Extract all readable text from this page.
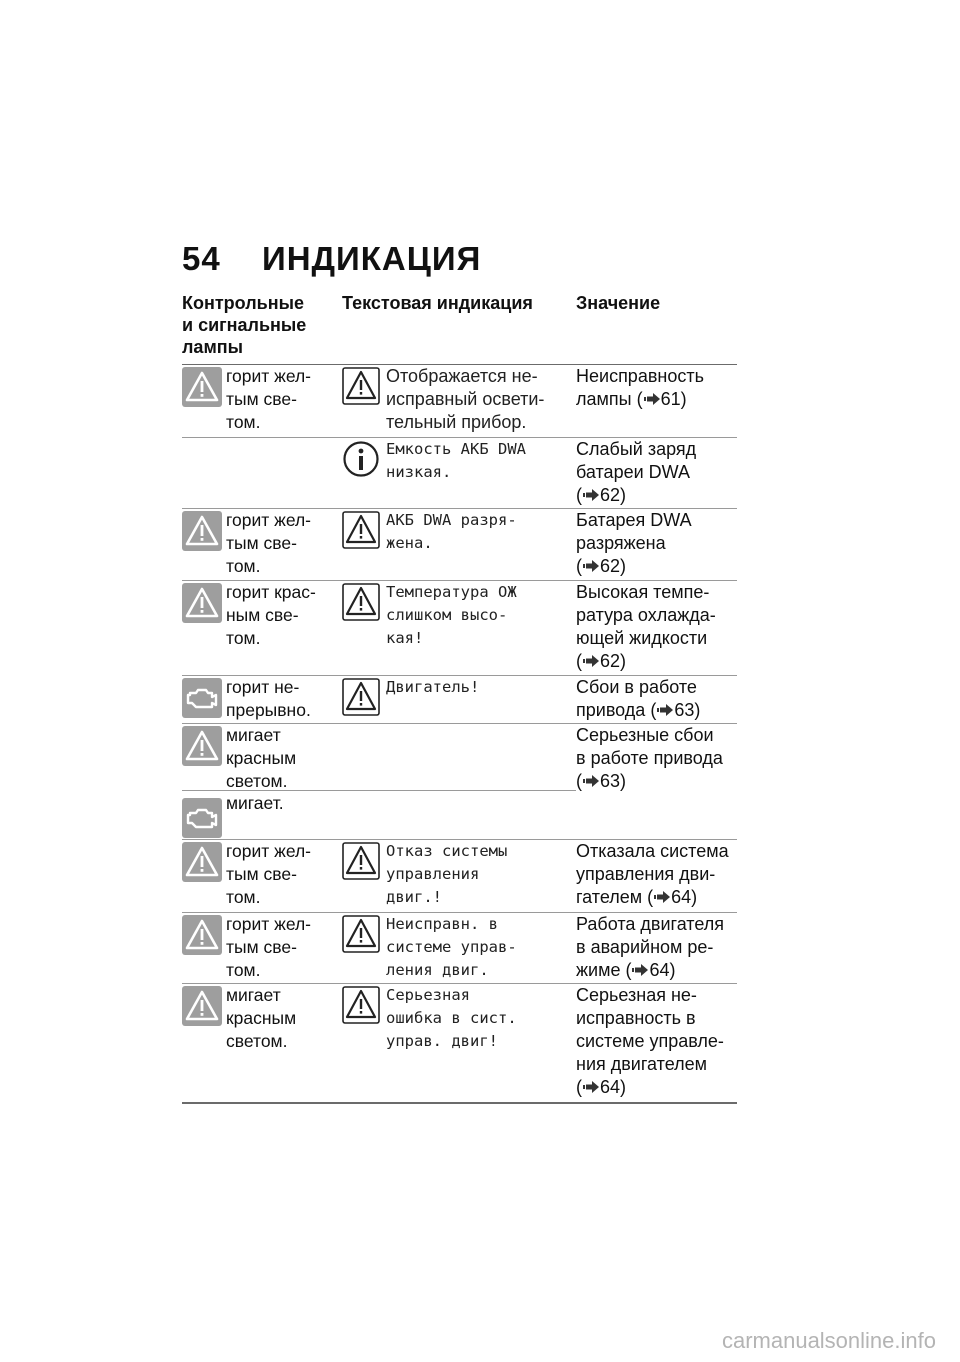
54 ИНДИКАЦИЯ
Контрольные
и сигнальные
лампы
Текстовая индикация Значение
горит жел-
тым све-
том.
Отображается не-
исправный освети-
тельный прибор.
Неисправность
лампы ( 61)
Емкость АКБ DWA
низкая.
Слабый заряд
батареи DWA
( 62)
горит жел-
тым све-
том.
АКБ DWA разря-
жена.
Батарея DWA
разряжена
( 62)
горит крас-
ным све-
том.
Температура ОЖ
слишком высо-
кая!
Высокая темпе-
ратура охлажда-
ющей жидкости
( 62)
горит не-
прерывно.
Двигатель!	Сбои в работе
привода ( 63)
мигает
красным
светом.
мигает.
Серьезные сбои
в работе привода
( 63)
горит жел-
тым све-
том.
Отказ системы
управления
двиг.!
Отказала система
управления дви-
гателем ( 64)
горит жел-
тым све-
том.
Неисправн. в
системе управ-
ления двиг.
Работа двигателя
в аварийном ре-
жиме ( 64)
мигает
красным
светом.
Серьезная
ошибка в сист.
управ. двиг!
Серьезная не-
исправность в
системе управле-
ния двигателем
( 64)
carmanualsonline.info
